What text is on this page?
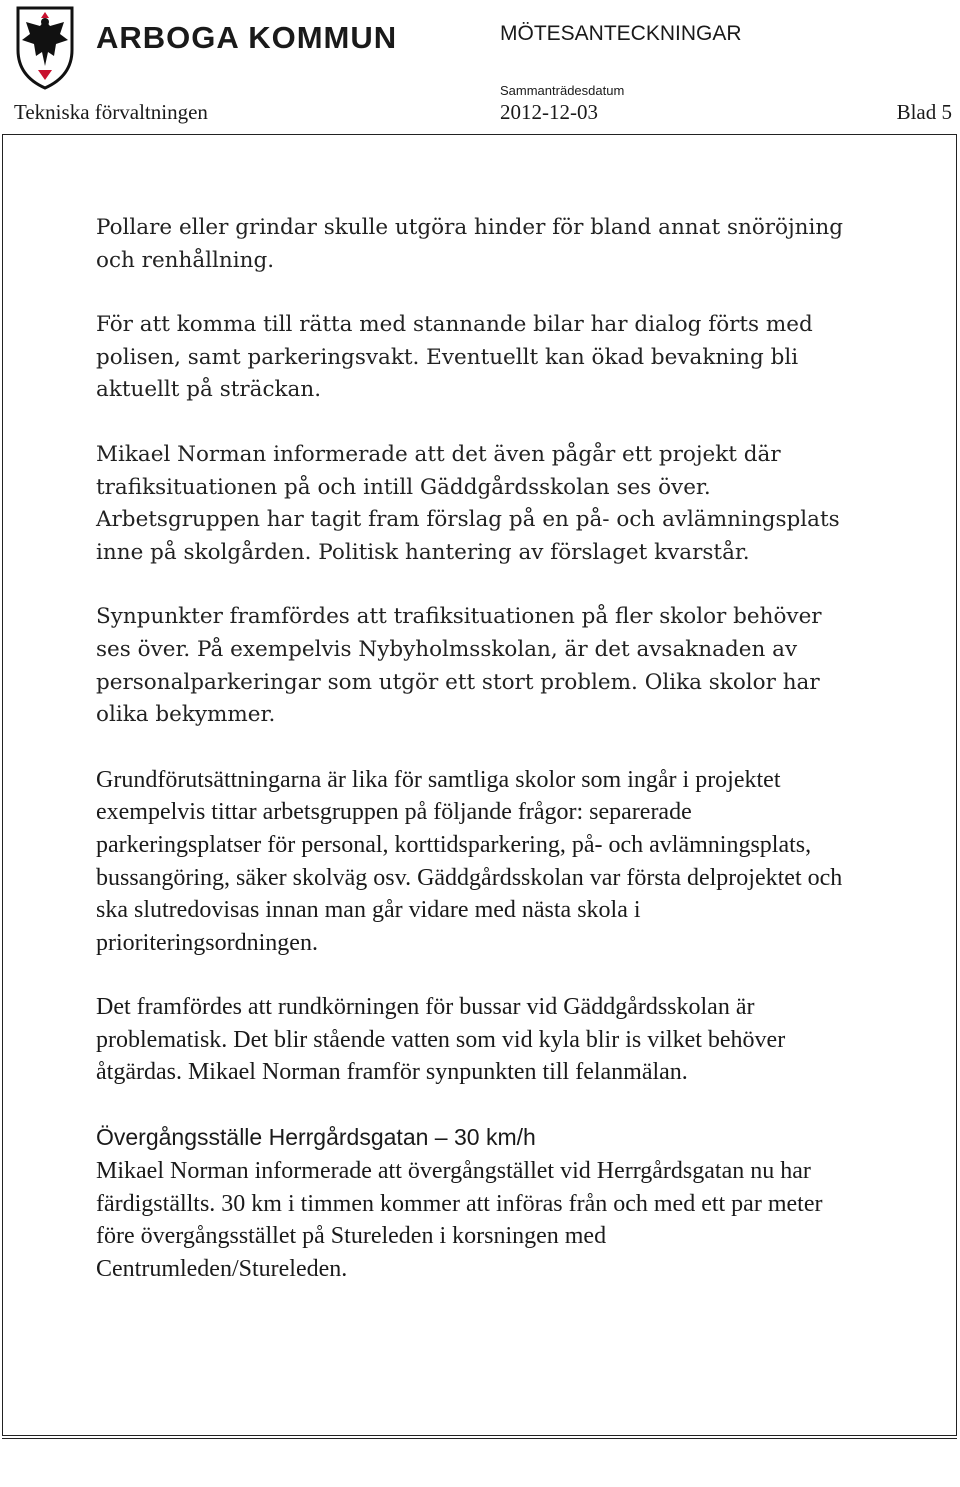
ARBOGA KOMMUN	MÖTESANTECKNINGAR
Sammanträdesdatum
Tekniska förvaltningen	2012-12-03	Blad 5

Pollare eller grindar skulle utgöra hinder för bland annat snöröjning och renhållning.

För att komma till rätta med stannande bilar har dialog förts med polisen, samt parkeringsvakt. Eventuellt kan ökad bevakning bli aktuellt på sträckan.

Mikael Norman informerade att det även pågår ett projekt där trafiksituationen på och intill Gäddgårdsskolan ses över.

Arbetsgruppen har tagit fram förslag på en på- och avlämningsplats inne på skolgården. Politisk hantering av förslaget kvarstår.

Synpunkter framfördes att trafiksituationen på fler skolor behöver ses över. På exempelvis Nybyholmsskolan, är det avsaknaden av personalparkeringar som utgör ett stort problem. Olika skolor har olika bekymmer.

Grundförutsättningarna är lika för samtliga skolor som ingår i projektet exempelvis tittar arbetsgruppen på följande frågor: separerade parkeringsplatser för personal, korttidsparkering, på- och avlämningsplats, bussangöring, säker skolväg osv. Gäddgårdsskolan var första delprojektet och ska slutredovisas innan man går vidare med nästa skola i prioriteringsordningen.

Det framfördes att rundkörningen för bussar vid Gäddgårdsskolan är problematisk. Det blir stående vatten som vid kyla blir is vilket behöver åtgärdas. Mikael Norman framför synpunkten till felanmälan.

Övergångsställe Herrgårdsgatan – 30 km/h

Mikael Norman informerade att övergångstället vid Herrgårdsgatan nu har färdigställts. 30 km i timmen kommer att införas från och med ett par meter före övergångsstället på Stureleden i korsningen med Centrumleden/Stureleden.
